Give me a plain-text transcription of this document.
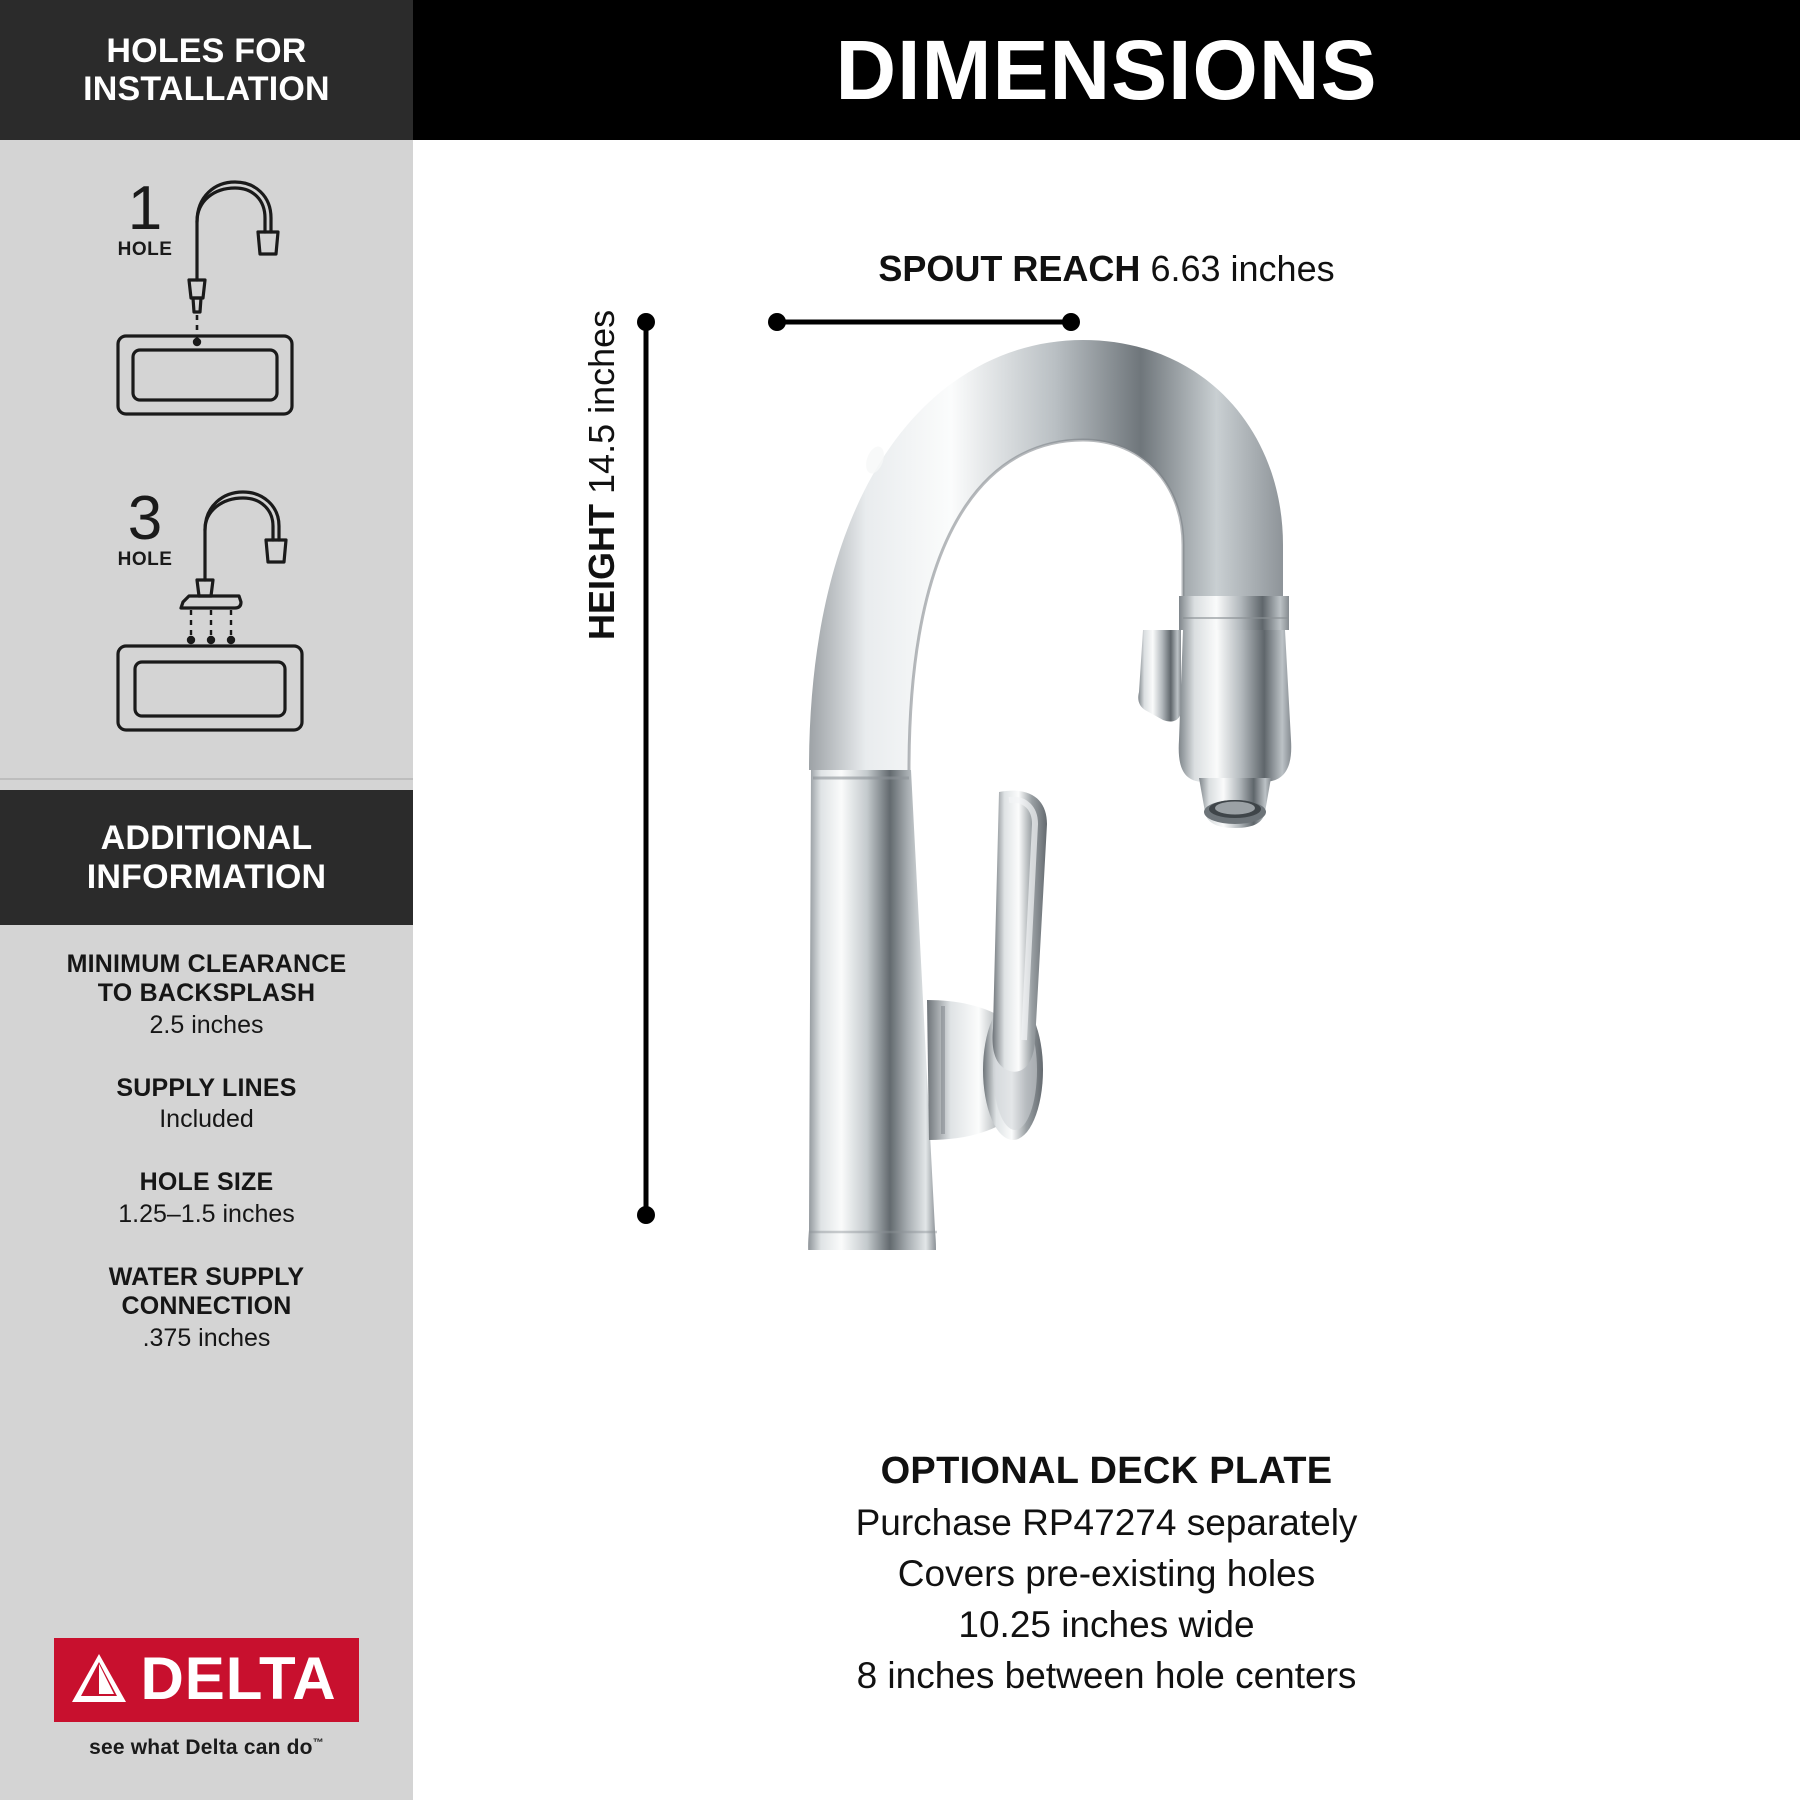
HOLES FOR
INSTALLATION
1
HOLE
3
HOLE
ADDITIONAL
INFORMATION
MINIMUM CLEARANCE
TO BACKSPLASH
2.5 inches
SUPPLY LINES
Included
HOLE SIZE
1.25–1.5 inches
WATER SUPPLY
CONNECTION
.375 inches
DELTA
see what Delta can do™
DIMENSIONS
SPOUT REACH 6.63 inches
HEIGHT 14.5 inches
OPTIONAL DECK PLATE
Purchase RP47274 separately
Covers pre-existing holes
10.25 inches wide
8 inches between hole centers
